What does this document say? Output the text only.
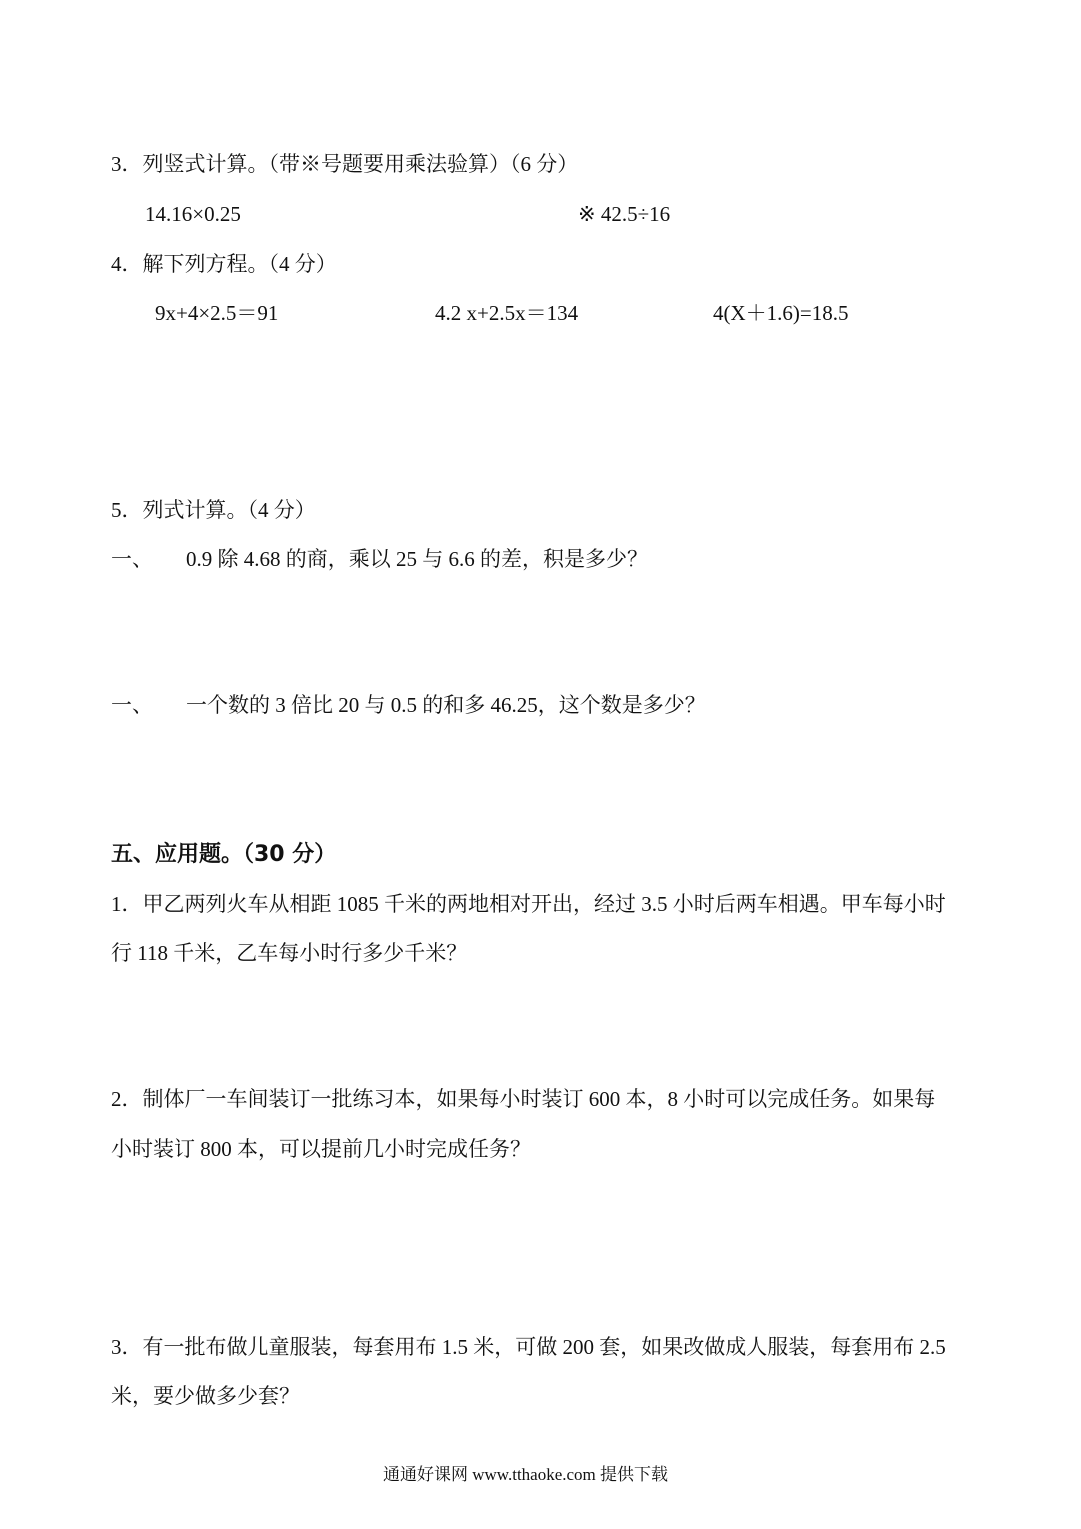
3．列竖式计算。（带※号题要用乘法验算）（6 分）
14.16×0.25	※ 42.5÷16
4．解下列方程。（4 分）
9x+4×2.5＝91	4.2 x+2.5x＝134	4(X＋1.6)=18.5
5．列式计算。（4 分）
一、 0.9 除 4.68 的商，乘以 25 与 6.6 的差，积是多少？
一、 一个数的 3 倍比 20 与 0.5 的和多 46.25，这个数是多少？
五、应用题。（30 分）
1．甲乙两列火车从相距 1085 千米的两地相对开出，经过 3.5 小时后两车相遇。甲车每小时
行 118 千米，乙车每小时行多少千米？
2．制体厂一车间装订一批练习本，如果每小时装订 600 本，8 小时可以完成任务。如果每
小时装订 800 本，可以提前几小时完成任务？
3．有一批布做儿童服装，每套用布 1.5 米，可做 200 套，如果改做成人服装，每套用布 2.5
米，要少做多少套？
通通好课网 www.tthaoke.com 提供下载
